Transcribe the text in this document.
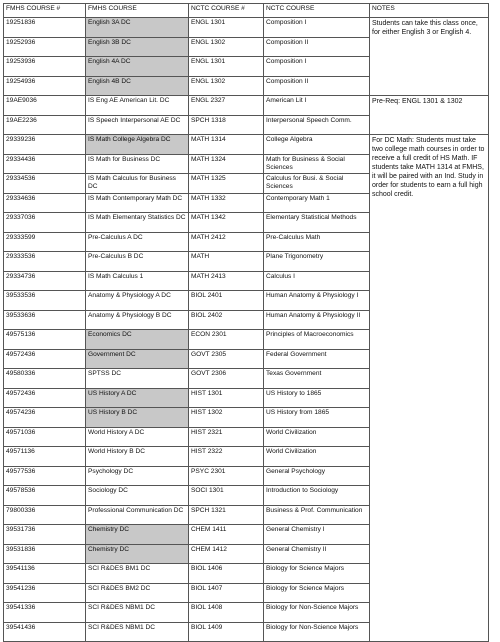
FMHS COURSE #	FMHS COURSE	NCTC COURSE #	NCTC COURSE	NOTES
19251836	English 3A DC	ENGL 1301	Composition I	Students can take this class once, for either English 3 or English 4.
19252936	English 3B DC	ENGL 1302	Composition II	
19253936	English 4A DC	ENGL 1301	Composition I	
19254936	English 4B DC	ENGL 1302	Composition II	
19AE9036	IS Eng AE American Lit. DC	ENGL 2327	American Lit I	Pre-Req: ENGL 1301 & 1302
19AE2236	IS Speech Interpersonal AE DC	SPCH 1318	Interpersonal Speech Comm.	
29339236	IS Math College Algebra DC	MATH 1314	College Algebra	For DC Math: Students must take two college math courses in order to receive a full credit of HS Math. IF students take MATH 1314 at FMHS, it will be paired with an Ind. Study in order for students to earn a full high school credit.
29334436	IS Math for Business DC	MATH 1324	Math for Business & Social Sciences	
29334536	IS Math Calculus for Business DC	MATH 1325	Calculus for Busi. & Social Sciences	
29334636	IS Math Contemporary Math DC	MATH 1332	Contemporary Math 1	
29337036	IS Math Elementary Statistics DC	MATH 1342	Elementary Statistical Methods	
29333599	Pre-Calculus A DC	MATH 2412	Pre-Calculus Math	
29333536	Pre-Calculus B DC	MATH	Plane Trigonometry	
29334736	IS Math Calculus 1	MATH 2413	Calculus I	
39533536	Anatomy & Physiology A DC	BIOL 2401	Human Anatomy & Physiology I	
39533636	Anatomy & Physiology B DC	BIOL 2402	Human Anatomy & Physiology II	
49575136	Economics DC	ECON 2301	Principles of Macroeconomics	
49572436	Government DC	GOVT 2305	Federal Government	
49580336	SPTSS DC	GOVT 2306	Texas Government	
49572436	US History A DC	HIST 1301	US History to 1865	
49574236	US History B DC	HIST 1302	US History from 1865	
49571036	World History A DC	HIST 2321	World Civilization	
49571136	World History B DC	HIST 2322	World Civilization	
49577536	Psychology DC	PSYC 2301	General Psychology	
49578536	Sociology DC	SOCI 1301	Introduction to Sociology	
79800336	Professional Communication DC	SPCH 1321	Business & Prof. Communication	
39531736	Chemistry DC	CHEM 1411	General Chemistry I	
39531836	Chemistry DC	CHEM 1412	General Chemistry II	
39541136	SCI R&DES BM1 DC	BIOL 1406	Biology for Science Majors	
39541236	SCI R&DES BM2 DC	BIOL 1407	Biology for Science Majors	
39541336	SCI R&DES NBM1 DC	BIOL 1408	Biology for Non-Science Majors	
39541436	SCI R&DES NBM1 DC	BIOL 1409	Biology for Non-Science Majors	
